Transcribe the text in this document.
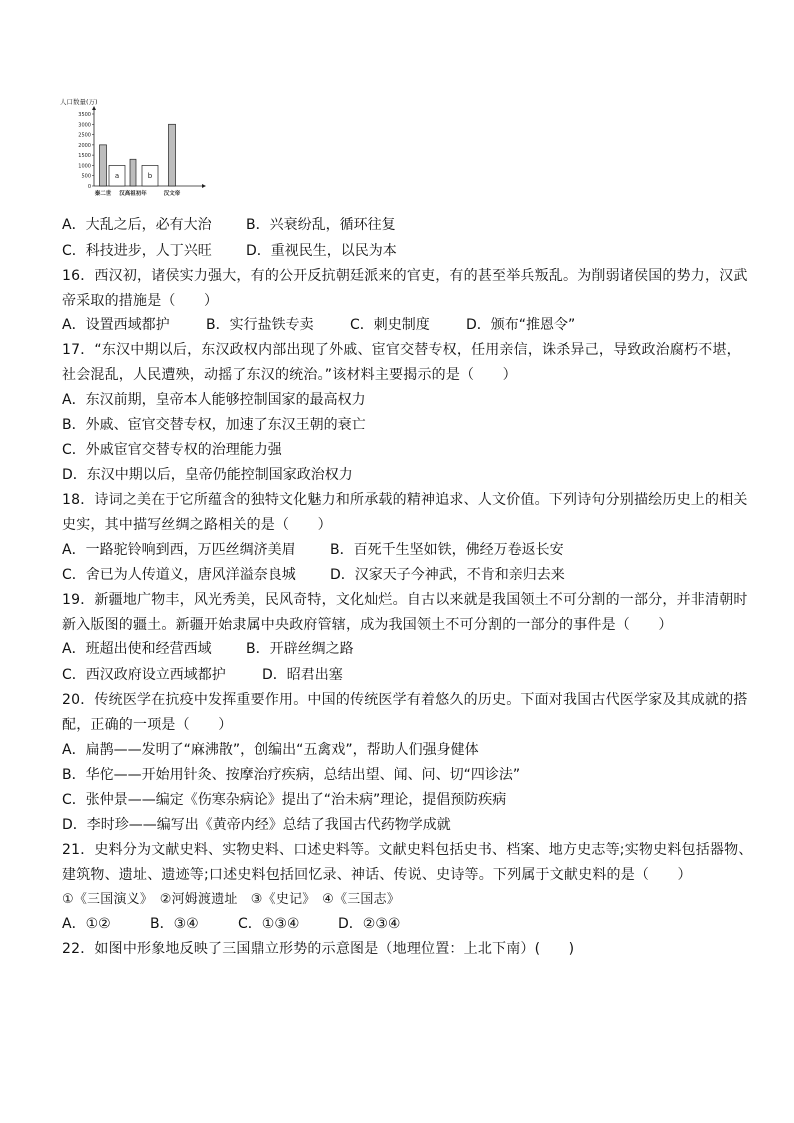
人口数量(万)
3500
3000
2500
2000
1500
1000
500
0
a	b
秦二世 汉高祖初年	汉文帝
A．大乱之后，必有大治 B．兴衰纷乱，循环往复
C．科技进步，人丁兴旺 D．重视民生，以民为本
16．西汉初，诸侯实力强大，有的公开反抗朝廷派来的官吏，有的甚至举兵叛乱。为削弱诸侯国的势力，汉武
帝采取的措施是（　　）
A．设置西域都护	B．实行盐铁专卖	C．刺史制度	D．颁布“推恩令”
17．“东汉中期以后，东汉政权内部出现了外戚、宦官交替专权，任用亲信，诛杀异己，导致政治腐朽不堪，
社会混乱，人民遭殃，动摇了东汉的统治。”该材料主要揭示的是（　　）
A．东汉前期，皇帝本人能够控制国家的最高权力
B．外戚、宦官交替专权，加速了东汉王朝的衰亡
C．外戚宦官交替专权的治理能力强
D．东汉中期以后，皇帝仍能控制国家政治权力
18．诗词之美在于它所蕴含的独特文化魅力和所承载的精神追求、人文价值。下列诗句分别描绘历史上的相关
史实，其中描写丝绸之路相关的是（　　）
A．一路驼铃响到西，万匹丝绸济美眉 B．百死千生坚如铁，佛经万卷返长安
C．舍已为人传道义，唐风洋溢奈良城 D．汉家天子今神武，不肯和亲归去来
19．新疆地广物丰，风光秀美，民风奇特，文化灿烂。自古以来就是我国领土不可分割的一部分，并非清朝时
新入版图的疆土。新疆开始隶属中央政府管辖，成为我国领土不可分割的一部分的事件是（　　）
A．班超出使和经营西域 B．开辟丝绸之路
C．西汉政府设立西域都护	D．昭君出塞
20．传统医学在抗疫中发挥重要作用。中国的传统医学有着悠久的历史。下面对我国古代医学家及其成就的搭
配，正确的一项是（　　）
A．扁鹊——发明了“麻沸散”，创编出“五禽戏”，帮助人们强身健体
B．华佗——开始用针灸、按摩治疗疾病，总结出望、闻、问、切“四诊法”
C．张仲景——编定《伤寒杂病论》提出了“治未病”理论，提倡预防疾病
D．李时珍——编写出《黄帝内经》总结了我国古代药物学成就
21．史料分为文献史料、实物史料、口述史料等。文献史料包括史书、档案、地方史志等;实物史料包括器物、
建筑物、遗址、遗迹等;口述史料包括回忆录、神话、传说、史诗等。下列属于文献史料的是（　　）
①《三国演义》　②河姆渡遗址　③《史记》　④《三国志》
A．①②	B．③④	C．①③④	D．②③④
22．如图中形象地反映了三国鼎立形势的示意图是（地理位置：上北下南）(　　)
